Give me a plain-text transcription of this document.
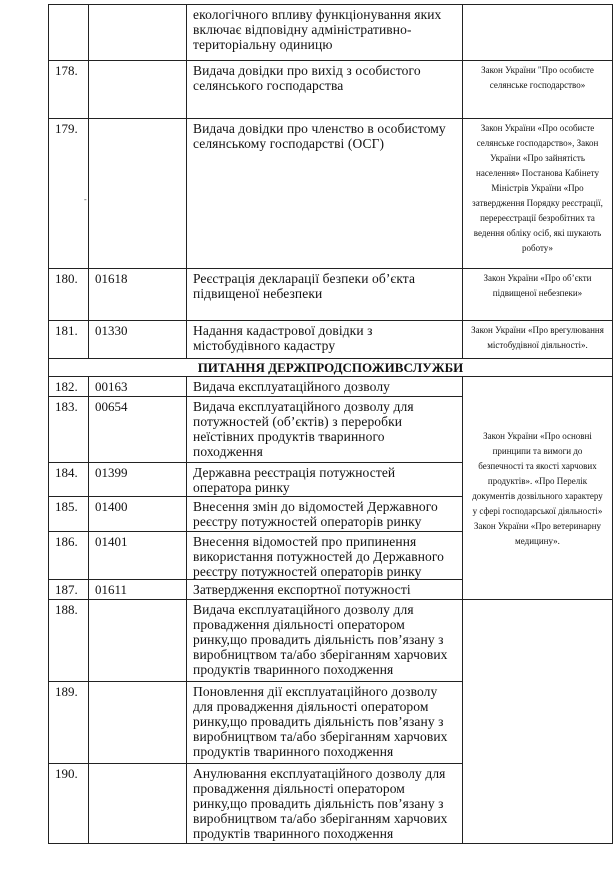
		екологічного впливу функціонування яких включає відповідну адміністративно-територіальну одиницю	
178.		Видача довідки про вихід з особистого селянського господарства	Закон України "Про особисте селянське господарство»
179.		Видача довідки про членство в особистому селянському господарстві (ОСГ)	Закон України «Про особисте селянське господарство», Закон України «Про зайнятість населення» Постанова Кабінету Міністрів України «Про затвердження Порядку реєстрації, перереєстрації безробітних та ведення обліку осіб, які шукають роботу»
180.	01618	Реєстрація декларації безпеки об’єкта підвищеної небезпеки	Закон України «Про об’єкти підвищеної небезпеки»
181.	01330	Надання кадастрової довідки з містобудівного кадастру	Закон України «Про врегулювання містобудівної діяльності».
ПИТАННЯ ДЕРЖПРОДСПОЖИВСЛУЖБИ			
182.	00163	Видача експлуатаційного дозволу	Закон України «Про основні принципи та вимоги до безпечності та якості харчових продуктів». «Про Перелік документів дозвільного характеру у сфері господарської діяльності» Закон України «Про ветеринарну медицину».
183.	00654	Видача експлуатаційного дозволу для потужностей (об’єктів) з переробки неїстівних продуктів тваринного походження	
184.	01399	Державна реєстрація потужностей оператора ринку	
185.	01400	Внесення змін до відомостей Державного реєстру потужностей операторів ринку	
186.	01401	Внесення відомостей про припинення використання потужностей до Державного реєстру потужностей операторів ринку	
187.	01611	Затвердження експортної потужності	
188.		Видача експлуатаційного дозволу для провадження діяльності оператором ринку,що провадить діяльність пов’язану з виробництвом та/або зберіганням харчових продуктів тваринного походження	
189.		Поновлення дії експлуатаційного дозволу для провадження діяльності оператором ринку,що провадить діяльність пов’язану з виробництвом та/або зберіганням харчових продуктів тваринного походження	
190.		Анулювання експлуатаційного дозволу для провадження діяльності оператором ринку,що провадить діяльність пов’язану з виробництвом та/або зберіганням харчових продуктів тваринного походження	
-
